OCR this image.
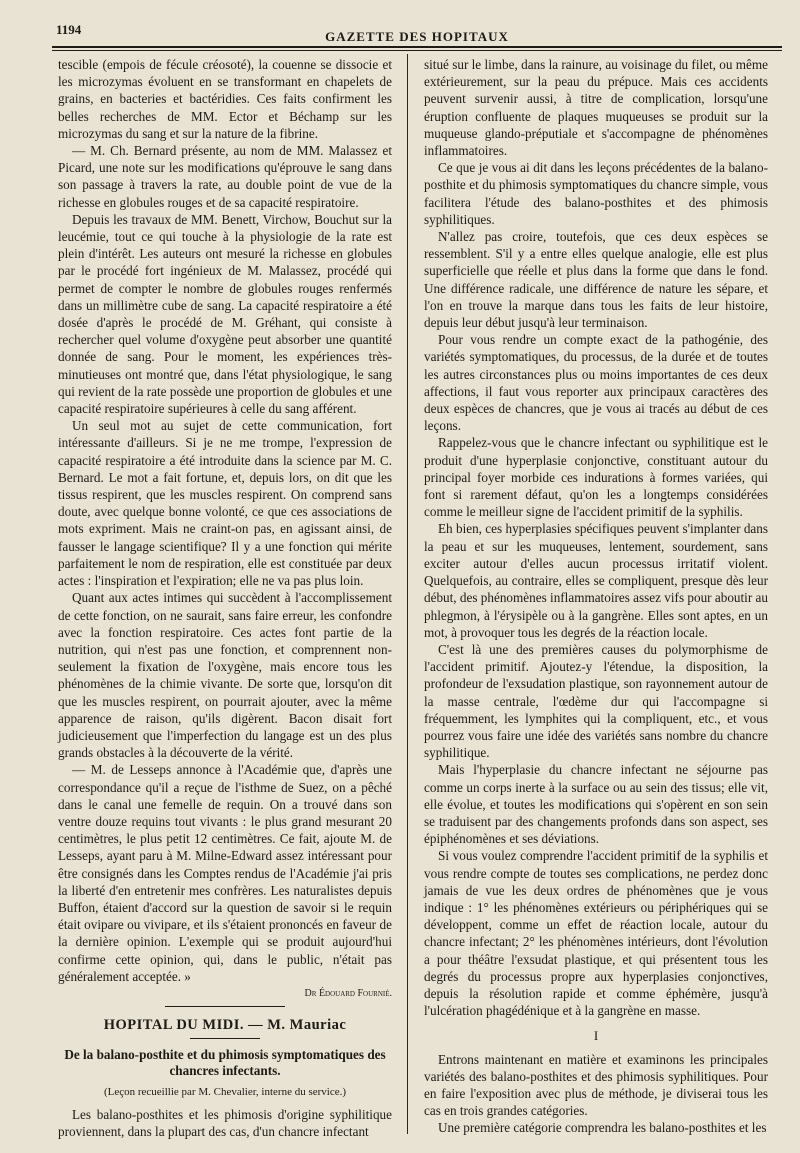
1194	GAZETTE DES HOPITAUX

tescible (empois de fécule créosoté), la couenne se dissocie et les microzymas évoluent en se transformant en chapelets de grains, en bacteries et bactéridies. Ces faits confirment les belles recherches de MM. Ector et Béchamp sur les microzymas du sang et sur la nature de la fibrine.

— M. Ch. Bernard présente, au nom de MM. Malassez et Picard, une note sur les modifications qu'éprouve le sang dans son passage à travers la rate, au double point de vue de la richesse en globules rouges et de sa capacité respiratoire.

Depuis les travaux de MM. Benett, Virchow, Bouchut sur la leucémie, tout ce qui touche à la physiologie de la rate est plein d'intérêt. Les auteurs ont mesuré la richesse en globules par le procédé fort ingénieux de M. Malassez, procédé qui permet de compter le nombre de globules rouges renfermés dans un millimètre cube de sang. La capacité respiratoire a été dosée d'après le procédé de M. Gréhant, qui consiste à rechercher quel volume d'oxygène peut absorber une quantité donnée de sang. Pour le moment, les expériences très-minutieuses ont montré que, dans l'état physiologique, le sang qui revient de la rate possède une proportion de globules et une capacité respiratoire supérieures à celle du sang afférent.

Un seul mot au sujet de cette communication, fort intéressante d'ailleurs. Si je ne me trompe, l'expression de capacité respiratoire a été introduite dans la science par M. C. Bernard. Le mot a fait fortune, et, depuis lors, on dit que les tissus respirent, que les muscles respirent. On comprend sans doute, avec quelque bonne volonté, ce que ces associations de mots expriment. Mais ne craint-on pas, en agissant ainsi, de fausser le langage scientifique? Il y a une fonction qui mérite parfaitement le nom de respiration, elle est constituée par deux actes : l'inspiration et l'expiration; elle ne va pas plus loin.

Quant aux actes intimes qui succèdent à l'accomplissement de cette fonction, on ne saurait, sans faire erreur, les confondre avec la fonction respiratoire. Ces actes font partie de la nutrition, qui n'est pas une fonction, et comprennent non-seulement la fixation de l'oxygène, mais encore tous les phénomènes de la chimie vivante. De sorte que, lorsqu'on dit que les muscles respirent, on pourrait ajouter, avec la même apparence de raison, qu'ils digèrent. Bacon disait fort judicieusement que l'imperfection du langage est un des plus grands obstacles à la découverte de la vérité.

— M. de Lesseps annonce à l'Académie que, d'après une correspondance qu'il a reçue de l'isthme de Suez, on a pêché dans le canal une femelle de requin. On a trouvé dans son ventre douze requins tout vivants : le plus grand mesurant 20 centimètres, le plus petit 12 centimètres. Ce fait, ajoute M. de Lesseps, ayant paru à M. Milne-Edward assez intéressant pour être consignés dans les Comptes rendus de l'Académie j'ai pris la liberté d'en entretenir mes confrères. Les naturalistes depuis Buffon, étaient d'accord sur la question de savoir si le requin était ovipare ou vivipare, et ils s'étaient prononcés en faveur de la dernière opinion. L'exemple qui se produit aujourd'hui confirme cette opinion, qui, dans le public, n'était pas généralement acceptée. »

Dr Édouard Fournié.

HOPITAL DU MIDI. — M. Mauriac
De la balano-posthite et du phimosis symptomatiques des chancres infectants.
(Leçon recueillie par M. Chevalier, interne du service.)

Les balano-posthites et les phimosis d'origine syphilitique proviennent, dans la plupart des cas, d'un chancre infectant

situé sur le limbe, dans la rainure, au voisinage du filet, ou même extérieurement, sur la peau du prépuce. Mais ces accidents peuvent survenir aussi, à titre de complication, lorsqu'une éruption confluente de plaques muqueuses se produit sur la muqueuse glando-préputiale et s'accompagne de phénomènes inflammatoires.

Ce que je vous ai dit dans les leçons précédentes de la balano-posthite et du phimosis symptomatiques du chancre simple, vous facilitera l'étude des balano-posthites et des phimosis syphilitiques.

N'allez pas croire, toutefois, que ces deux espèces se ressemblent. S'il y a entre elles quelque analogie, elle est plus superficielle que réelle et plus dans la forme que dans le fond. Une différence radicale, une différence de nature les sépare, et l'on en trouve la marque dans tous les faits de leur histoire, depuis leur début jusqu'à leur terminaison.

Pour vous rendre un compte exact de la pathogénie, des variétés symptomatiques, du processus, de la durée et de toutes les autres circonstances plus ou moins importantes de ces deux affections, il faut vous reporter aux principaux caractères des deux espèces de chancres, que je vous ai tracés au début de ces leçons.

Rappelez-vous que le chancre infectant ou syphilitique est le produit d'une hyperplasie conjonctive, constituant autour du principal foyer morbide ces indurations à formes variées, qui font si rarement défaut, qu'on les a longtemps considérées comme le meilleur signe de l'accident primitif de la syphilis.

Eh bien, ces hyperplasies spécifiques peuvent s'implanter dans la peau et sur les muqueuses, lentement, sourdement, sans exciter autour d'elles aucun processus irritatif violent. Quelquefois, au contraire, elles se compliquent, presque dès leur début, des phénomènes inflammatoires assez vifs pour aboutir au phlegmon, à l'érysipèle ou à la gangrène. Elles sont aptes, en un mot, à provoquer tous les degrés de la réaction locale.

C'est là une des premières causes du polymorphisme de l'accident primitif. Ajoutez-y l'étendue, la disposition, la profondeur de l'exsudation plastique, son rayonnement autour de la masse centrale, l'œdème dur qui l'accompagne si fréquemment, les lymphites qui la compliquent, etc., et vous pourrez vous faire une idée des variétés sans nombre du chancre syphilitique.

Mais l'hyperplasie du chancre infectant ne séjourne pas comme un corps inerte à la surface ou au sein des tissus; elle vit, elle évolue, et toutes les modifications qui s'opèrent en son sein se traduisent par des changements profonds dans son aspect, ses épiphénomènes et ses déviations.

Si vous voulez comprendre l'accident primitif de la syphilis et vous rendre compte de toutes ses complications, ne perdez donc jamais de vue les deux ordres de phénomènes que je vous indique : 1° les phénomènes extérieurs ou périphériques qui se développent, comme un effet de réaction locale, autour du chancre infectant; 2° les phénomènes intérieurs, dont l'évolution a pour théâtre l'exsudat plastique, et qui présentent tous les degrés du processus propre aux hyperplasies conjonctives, depuis la résolution rapide et comme éphémère, jusqu'à l'ulcération phagédénique et à la gangrène en masse.

I

Entrons maintenant en matière et examinons les principales variétés des balano-posthites et des phimosis syphilitiques. Pour en faire l'exposition avec plus de méthode, je diviserai tous les cas en trois grandes catégories.

Une première catégorie comprendra les balano-posthites et les
